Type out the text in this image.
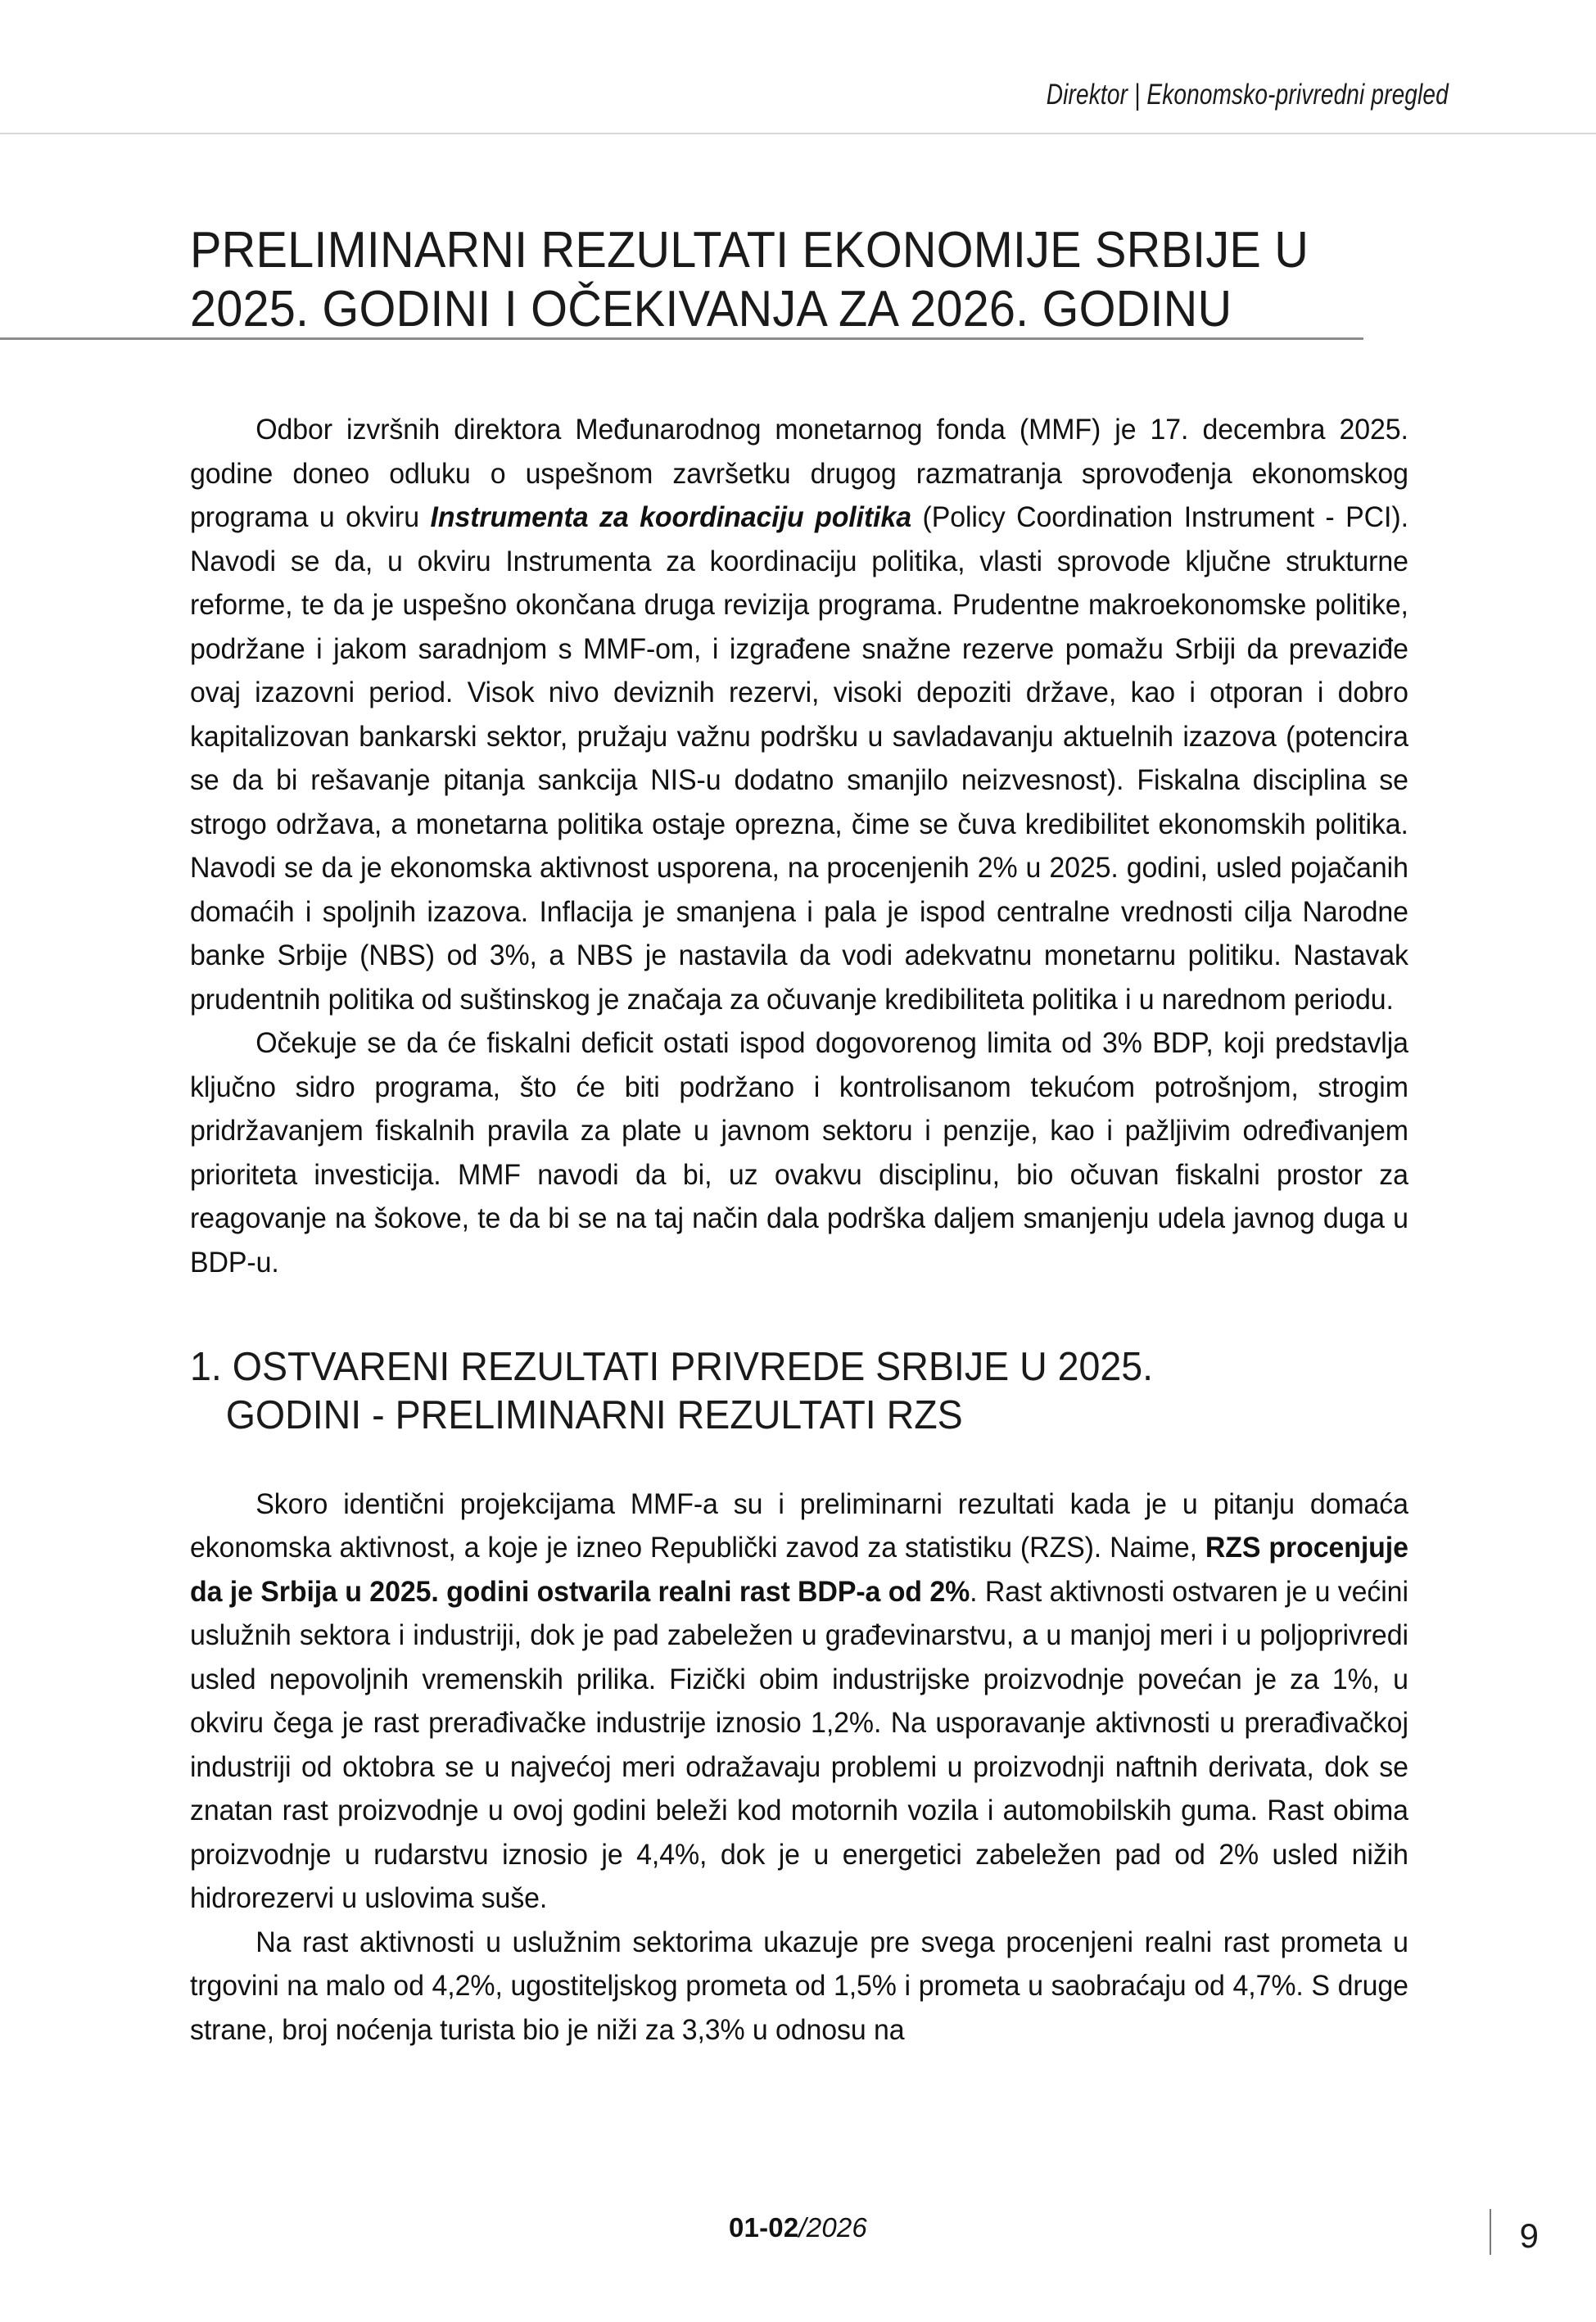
Direktor | Ekonomsko-privredni pregled
PRELIMINARNI REZULTATI EKONOMIJE SRBIJE U 2025. GODINI I OČEKIVANJA ZA 2026. GODINU

Odbor izvršnih direktora Međunarodnog monetarnog fonda (MMF) je 17. decembra 2025. godine doneo odluku o uspešnom završetku drugog razmatranja sprovođenja ekonomskog programa u okviru Instrumenta za koordinaciju politika (Policy Coordination Instrument - PCI). Navodi se da, u okviru Instrumenta za koordinaciju politika, vlasti sprovode ključne strukturne reforme, te da je uspešno okončana druga revizija programa. Prudentne makroekonomske politike, podržane i jakom saradnjom s MMF-om, i izgrađene snažne rezerve pomažu Srbiji da prevaziđe ovaj izazovni period. Visok nivo deviznih rezervi, visoki depoziti države, kao i otporan i dobro kapitalizovan bankarski sektor, pružaju važnu podršku u savladavanju aktuelnih izazova (potencira se da bi rešavanje pitanja sankcija NIS-u dodatno smanjilo neizvesnost). Fiskalna disciplina se strogo održava, a monetarna politika ostaje oprezna, čime se čuva kredibilitet ekonomskih politika. Navodi se da je ekonomska aktivnost usporena, na procenjenih 2% u 2025. godini, usled pojačanih domaćih i spoljnih izazova. Inflacija je smanjena i pala je ispod centralne vrednosti cilja Narodne banke Srbije (NBS) od 3%, a NBS je nastavila da vodi adekvatnu monetarnu politiku. Nastavak prudentnih politika od suštinskog je značaja za očuvanje kredibiliteta politika i u narednom periodu.

Očekuje se da će fiskalni deficit ostati ispod dogovorenog limita od 3% BDP, koji predstavlja ključno sidro programa, što će biti podržano i kontrolisanom tekućom potrošnjom, strogim pridržavanjem fiskalnih pravila za plate u javnom sektoru i penzije, kao i pažljivim određivanjem prioriteta investicija. MMF navodi da bi, uz ovakvu disciplinu, bio očuvan fiskalni prostor za reagovanje na šokove, te da bi se na taj način dala podrška daljem smanjenju udela javnog duga u BDP-u.

1. OSTVARENI REZULTATI PRIVREDE SRBIJE U 2025.
GODINI - PRELIMINARNI REZULTATI RZS

Skoro identični projekcijama MMF-a su i preliminarni rezultati kada je u pitanju domaća ekonomska aktivnost, a koje je izneo Republički zavod za statistiku (RZS). Naime, RZS procenjuje da je Srbija u 2025. godini ostvarila realni rast BDP-a od 2%. Rast aktivnosti ostvaren je u većini uslužnih sektora i industriji, dok je pad zabeležen u građevinarstvu, a u manjoj meri i u poljoprivredi usled nepovoljnih vremenskih prilika. Fizički obim industrijske proizvodnje povećan je za 1%, u okviru čega je rast prerađivačke industrije iznosio 1,2%. Na usporavanje aktivnosti u prerađivačkoj industriji od oktobra se u najvećoj meri odražavaju problemi u proizvodnji naftnih derivata, dok se znatan rast proizvodnje u ovoj godini beleži kod motornih vozila i automobilskih guma. Rast obima proizvodnje u rudarstvu iznosio je 4,4%, dok je u energetici zabeležen pad od 2% usled nižih hidrorezervi u uslovima suše.

Na rast aktivnosti u uslužnim sektorima ukazuje pre svega procenjeni realni rast prometa u trgovini na malo od 4,2%, ugostiteljskog prometa od 1,5% i prometa u saobraćaju od 4,7%. S druge strane, broj noćenja turista bio je niži za 3,3% u odnosu na

01-02/2026	9
